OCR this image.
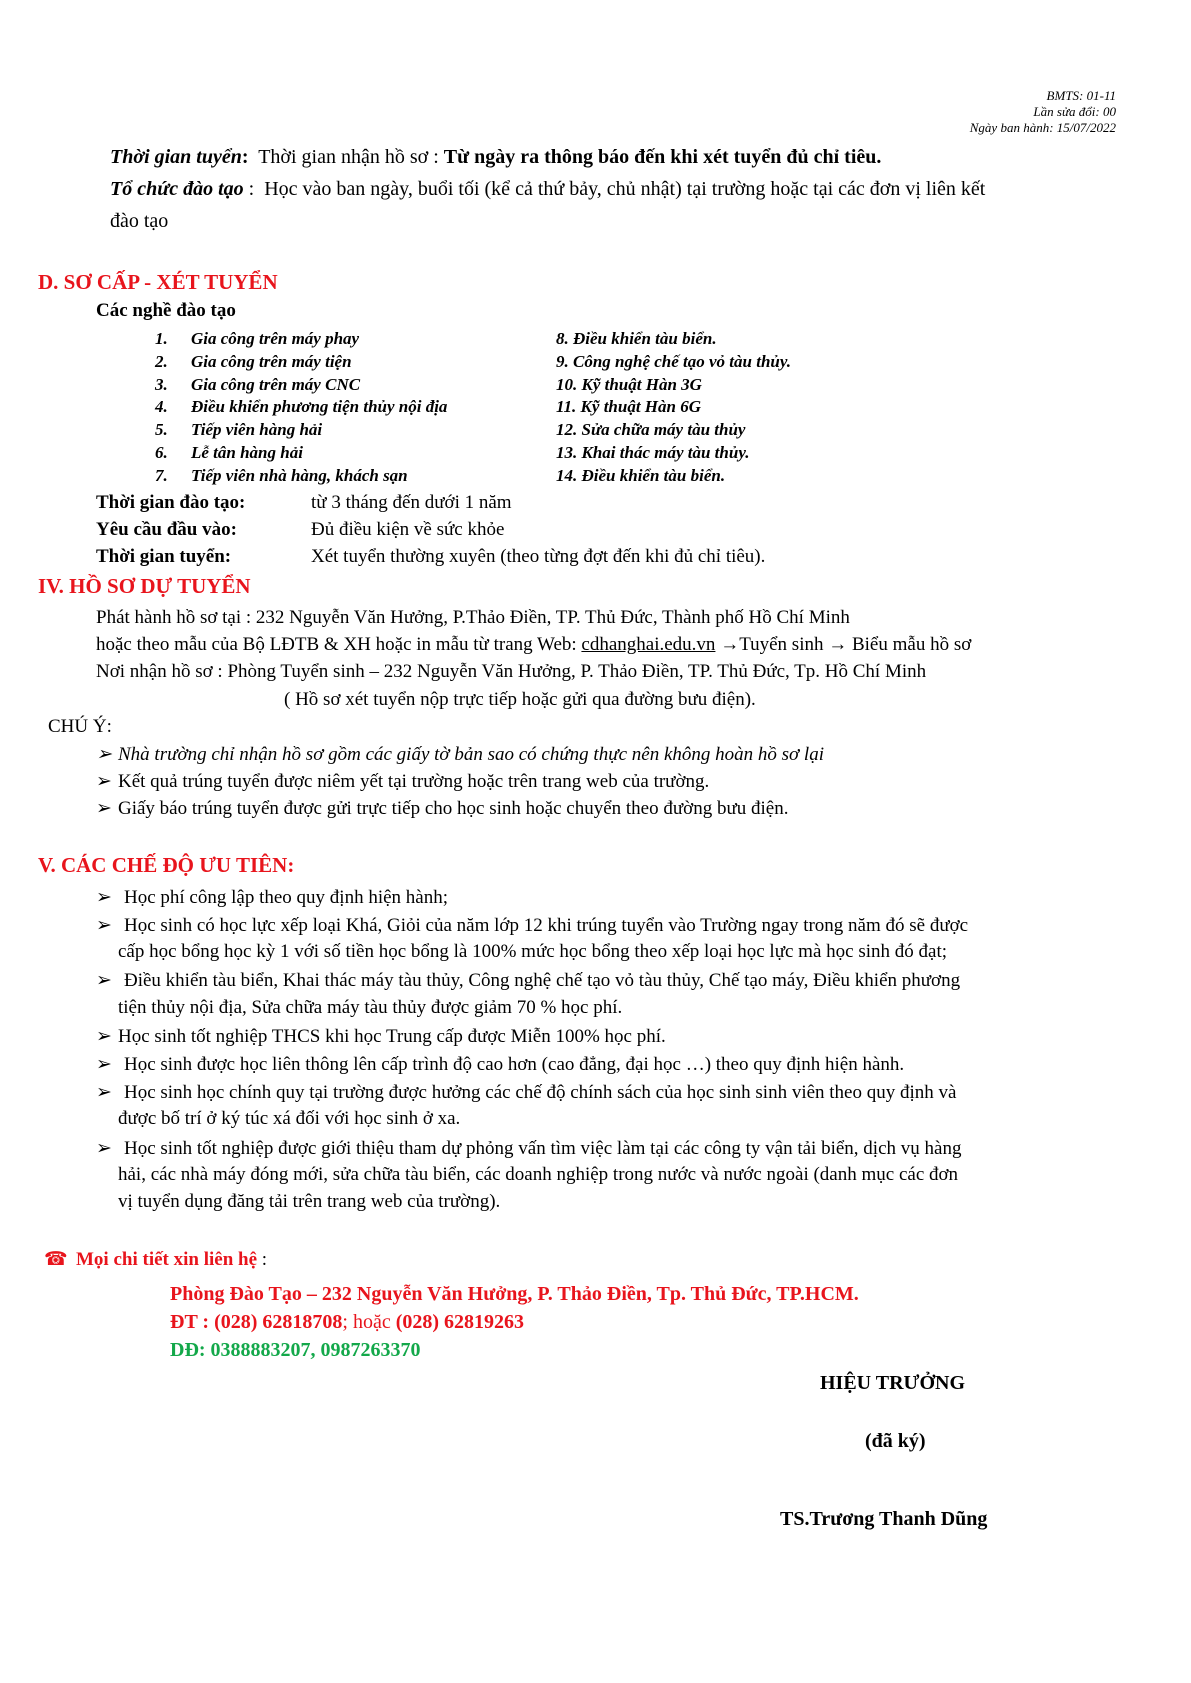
BMTS: 01-11
Lần sửa đổi: 00
Ngày ban hành: 15/07/2022
Thời gian tuyển: Thời gian nhận hồ sơ : Từ ngày ra thông báo đến khi xét tuyển đủ chỉ tiêu.
Tổ chức đào tạo :  Học vào ban ngày, buổi tối (kể cả thứ bảy, chủ nhật) tại trường hoặc tại các đơn vị liên kết
đào tạo
D. SƠ CẤP - XÉT TUYỂN
Các nghề đào tạo
1. Gia công trên máy phay
2. Gia công trên máy tiện
3. Gia công trên máy CNC
4. Điều khiển phương tiện thủy nội địa
5. Tiếp viên hàng hải
6. Lễ tân hàng hải
7. Tiếp viên nhà hàng, khách sạn
8. Điều khiển tàu biển.
9. Công nghệ chế tạo vỏ tàu thủy.
10. Kỹ thuật Hàn 3G
11. Kỹ thuật Hàn 6G
12. Sửa chữa máy tàu thủy
13. Khai thác máy tàu thủy.
14. Điều khiển tàu biển.
Thời gian đào tạo:	từ 3 tháng đến dưới 1 năm
Yêu cầu đầu vào:	Đủ điều kiện về sức khỏe
Thời gian tuyển:	Xét tuyển thường xuyên (theo từng đợt đến khi đủ chỉ tiêu).
IV. HỒ SƠ DỰ TUYỂN
Phát hành hồ sơ tại : 232 Nguyễn Văn Hưởng, P.Thảo Điền, TP. Thủ Đức, Thành phố Hồ Chí Minh
hoặc theo mẫu của Bộ LĐTB & XH hoặc in mẫu từ trang Web: cdhanghai.edu.vn →Tuyển sinh → Biểu mẫu hồ sơ
Nơi nhận hồ sơ : Phòng Tuyển sinh – 232 Nguyễn Văn Hưởng, P. Thảo Điền, TP. Thủ Đức, Tp. Hồ Chí Minh
( Hồ sơ xét tuyển nộp trực tiếp hoặc gửi qua đường bưu điện).
CHÚ Ý:
➢ Nhà trường chỉ nhận hồ sơ gồm các giấy tờ bản sao có chứng thực nên không hoàn hồ sơ lại
➢ Kết quả trúng tuyển được niêm yết tại trường hoặc trên trang web của trường.
➢ Giấy báo trúng tuyển được gửi trực tiếp cho học sinh hoặc chuyển theo đường bưu điện.
V. CÁC CHẾ ĐỘ ƯU TIÊN:
➢ Học phí công lập theo quy định hiện hành;
➢ Học sinh có học lực xếp loại Khá, Giỏi của năm lớp 12 khi trúng tuyển vào Trường ngay trong năm đó sẽ được
cấp học bổng học kỳ 1 với số tiền học bổng là 100% mức học bổng theo xếp loại học lực mà học sinh đó đạt;
➢ Điều khiển tàu biển, Khai thác máy tàu thủy, Công nghệ chế tạo vỏ tàu thủy, Chế tạo máy, Điều khiển phương
tiện thủy nội địa, Sửa chữa máy tàu thủy được giảm 70 % học phí.
➢ Học sinh tốt nghiệp THCS khi học Trung cấp được Miễn 100% học phí.
➢ Học sinh được học liên thông lên cấp trình độ cao hơn (cao đẳng, đại học …) theo quy định hiện hành.
➢ Học sinh học chính quy tại trường được hưởng các chế độ chính sách của học sinh sinh viên theo quy định và
được bố trí ở ký túc xá đối với học sinh ở xa.
➢ Học sinh tốt nghiệp được giới thiệu tham dự phỏng vấn tìm việc làm tại các công ty vận tải biển, dịch vụ hàng
hải, các nhà máy đóng mới, sửa chữa tàu biển, các doanh nghiệp trong nước và nước ngoài (danh mục các đơn
vị tuyển dụng đăng tải trên trang web của trường).
☎ Mọi chi tiết xin liên hệ :
Phòng Đào Tạo – 232 Nguyễn Văn Hưởng, P. Thảo Điền, Tp. Thủ Đức, TP.HCM.
ĐT : (028) 62818708; hoặc (028) 62819263
DĐ: 0388883207, 0987263370
HIỆU TRƯỞNG
(đã ký)
TS.Trương Thanh Dũng
